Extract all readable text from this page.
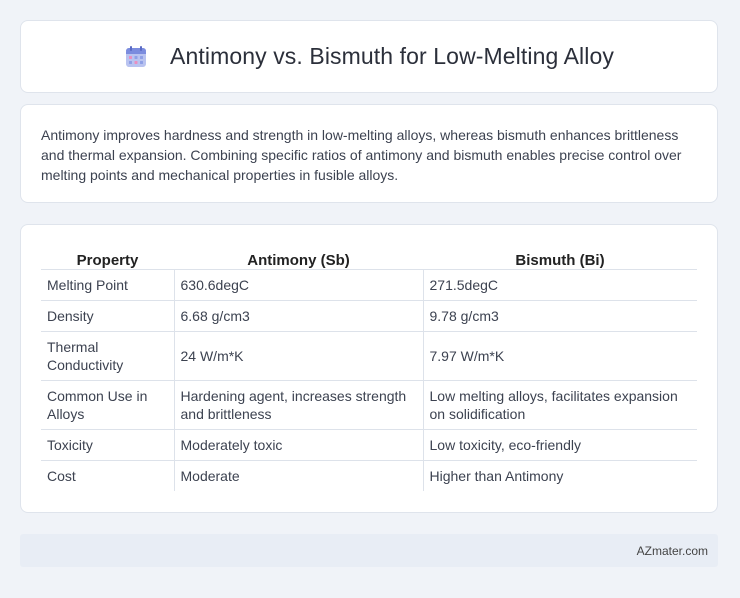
Antimony vs. Bismuth for Low-Melting Alloy

Antimony improves hardness and strength in low-melting alloys, whereas bismuth enhances brittleness and thermal expansion. Combining specific ratios of antimony and bismuth enables precise control over melting points and mechanical properties in fusible alloys.

Property	Antimony (Sb)	Bismuth (Bi)
Melting Point	630.6degC	271.5degC
Density	6.68 g/cm3	9.78 g/cm3
Thermal Conductivity	24 W/m*K	7.97 W/m*K
Common Use in Alloys	Hardening agent, increases strength and brittleness	Low melting alloys, facilitates expansion on solidification
Toxicity	Moderately toxic	Low toxicity, eco-friendly
Cost	Moderate	Higher than Antimony
AZmater.com
